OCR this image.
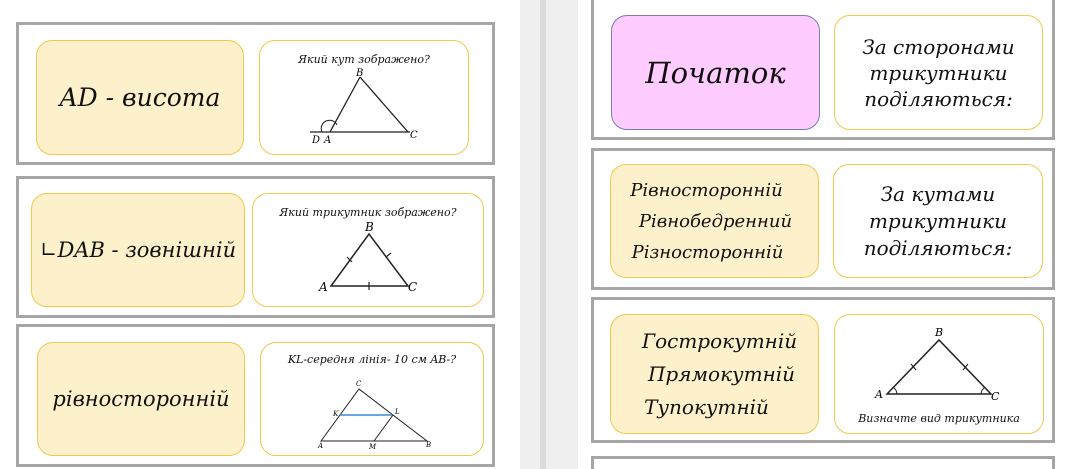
AD - висота
Який кут зображено?
B
D A	C
∟DAB - зовнішній
Який трикутник зображено?
B
A	C
рівносторонній
KL-середня лінія- 10 см AB-?
C
K	L
A	M	B
Початок
За сторонами
трикутники
поділяються:
Рівносторонній
Рівнобедренний
Різносторонній
За кутами
трикутники
поділяються:
Гострокутній
Прямокутній
Тупокутній
B
A	C
Визначте вид трикутника
